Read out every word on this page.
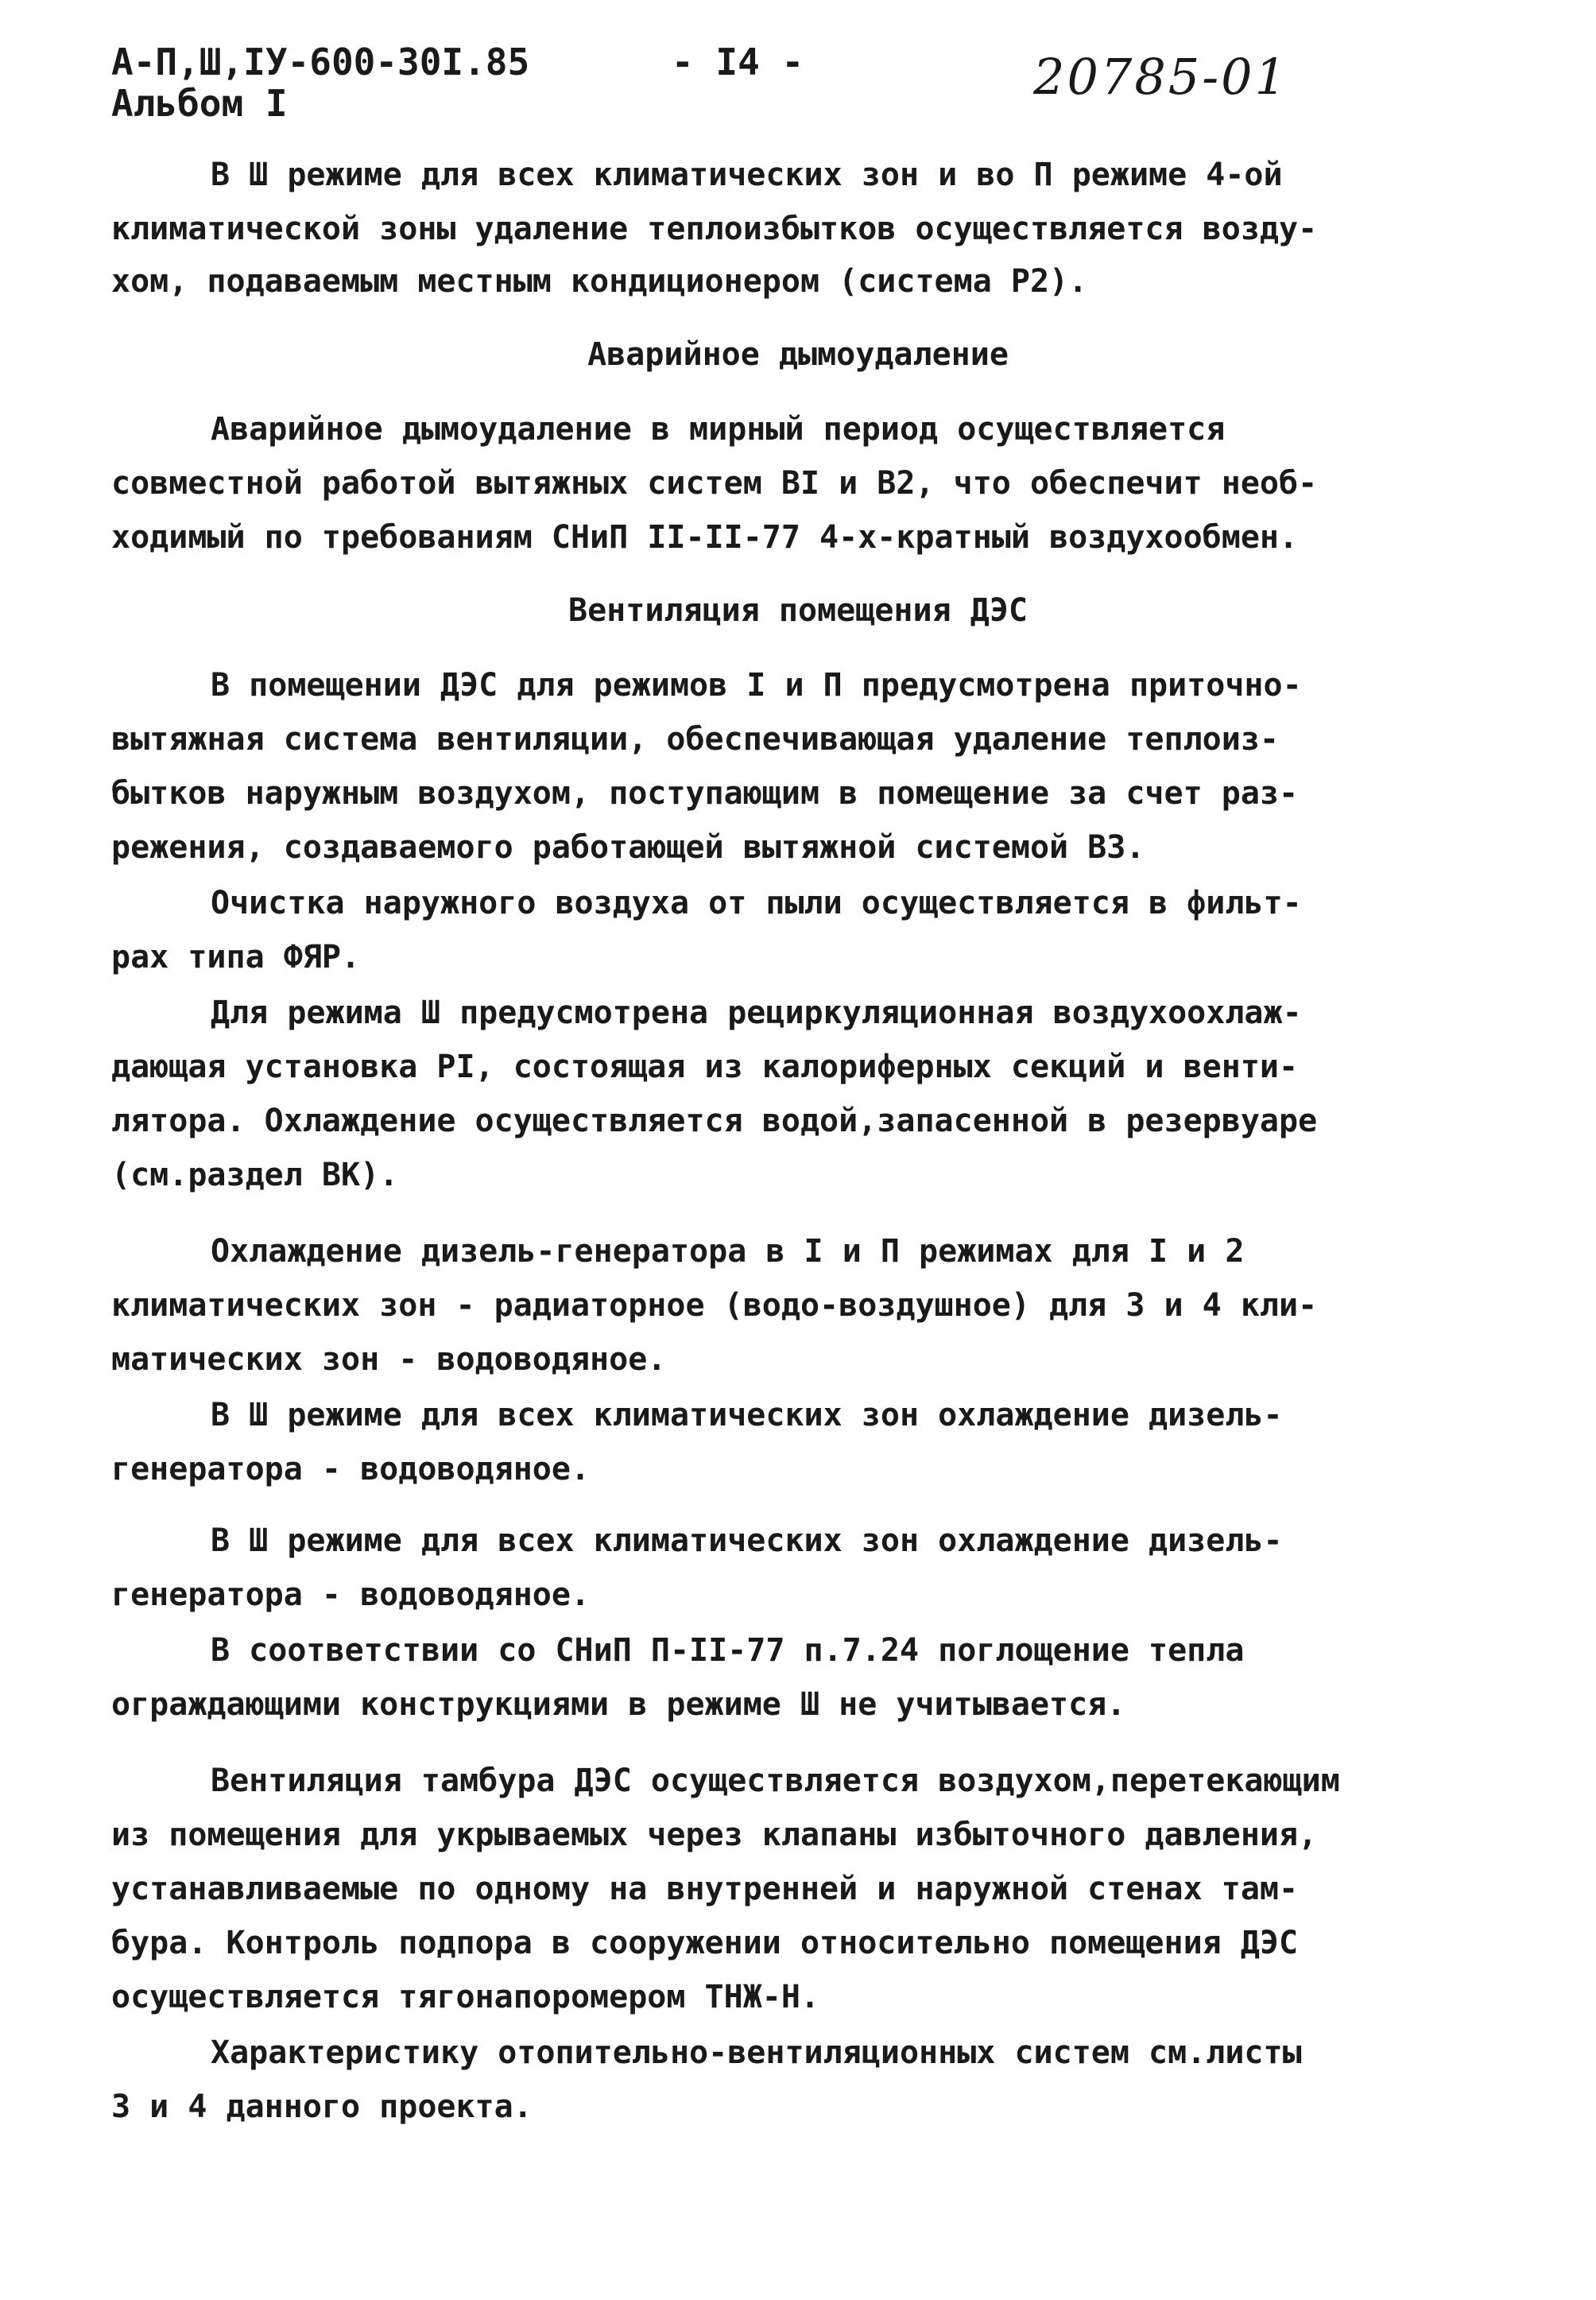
А-П,Ш,IУ-600-30I.85
Альбом I
- I4 -	20785-01
В Ш режиме для всех климатических зон и во П режиме 4-ой
климатической зоны удаление теплоизбытков осуществляется возду-
хом, подаваемым местным кондиционером (система Р2).
Аварийное дымоудаление
Аварийное дымоудаление в мирный период осуществляется
совместной работой вытяжных систем ВI и В2, что обеспечит необ-
ходимый по требованиям СНиП II-II-77 4-х-кратный воздухообмен.
Вентиляция помещения ДЭС
В помещении ДЭС для режимов I и П предусмотрена приточно-
вытяжная система вентиляции, обеспечивающая удаление теплоиз-
бытков наружным воздухом, поступающим в помещение за счет раз-
режения, создаваемого работающей вытяжной системой В3.
Очистка наружного воздуха от пыли осуществляется в фильт-
рах типа ФЯР.
Для режима Ш предусмотрена рециркуляционная воздухоохлаж-
дающая установка РI, состоящая из калориферных секций и венти-
лятора. Охлаждение осуществляется водой,запасенной в резервуаре
(см.раздел ВК).
Охлаждение дизель-генератора в I и П режимах для I и 2
климатических зон - радиаторное (водо-воздушное) для 3 и 4 кли-
матических зон - водоводяное.
В Ш режиме для всех климатических зон охлаждение дизель-
генератора - водоводяное.
В Ш режиме для всех климатических зон охлаждение дизель-
генератора - водоводяное.
В соответствии со СНиП П-II-77 п.7.24 поглощение тепла
ограждающими конструкциями в режиме Ш не учитывается.
Вентиляция тамбура ДЭС осуществляется воздухом,перетекающим
из помещения для укрываемых через клапаны избыточного давления,
устанавливаемые по одному на внутренней и наружной стенах там-
бура. Контроль подпора в сооружении относительно помещения ДЭС
осуществляется тягонапоромером ТНЖ-Н.
Характеристику отопительно-вентиляционных систем см.листы
3 и 4 данного проекта.
